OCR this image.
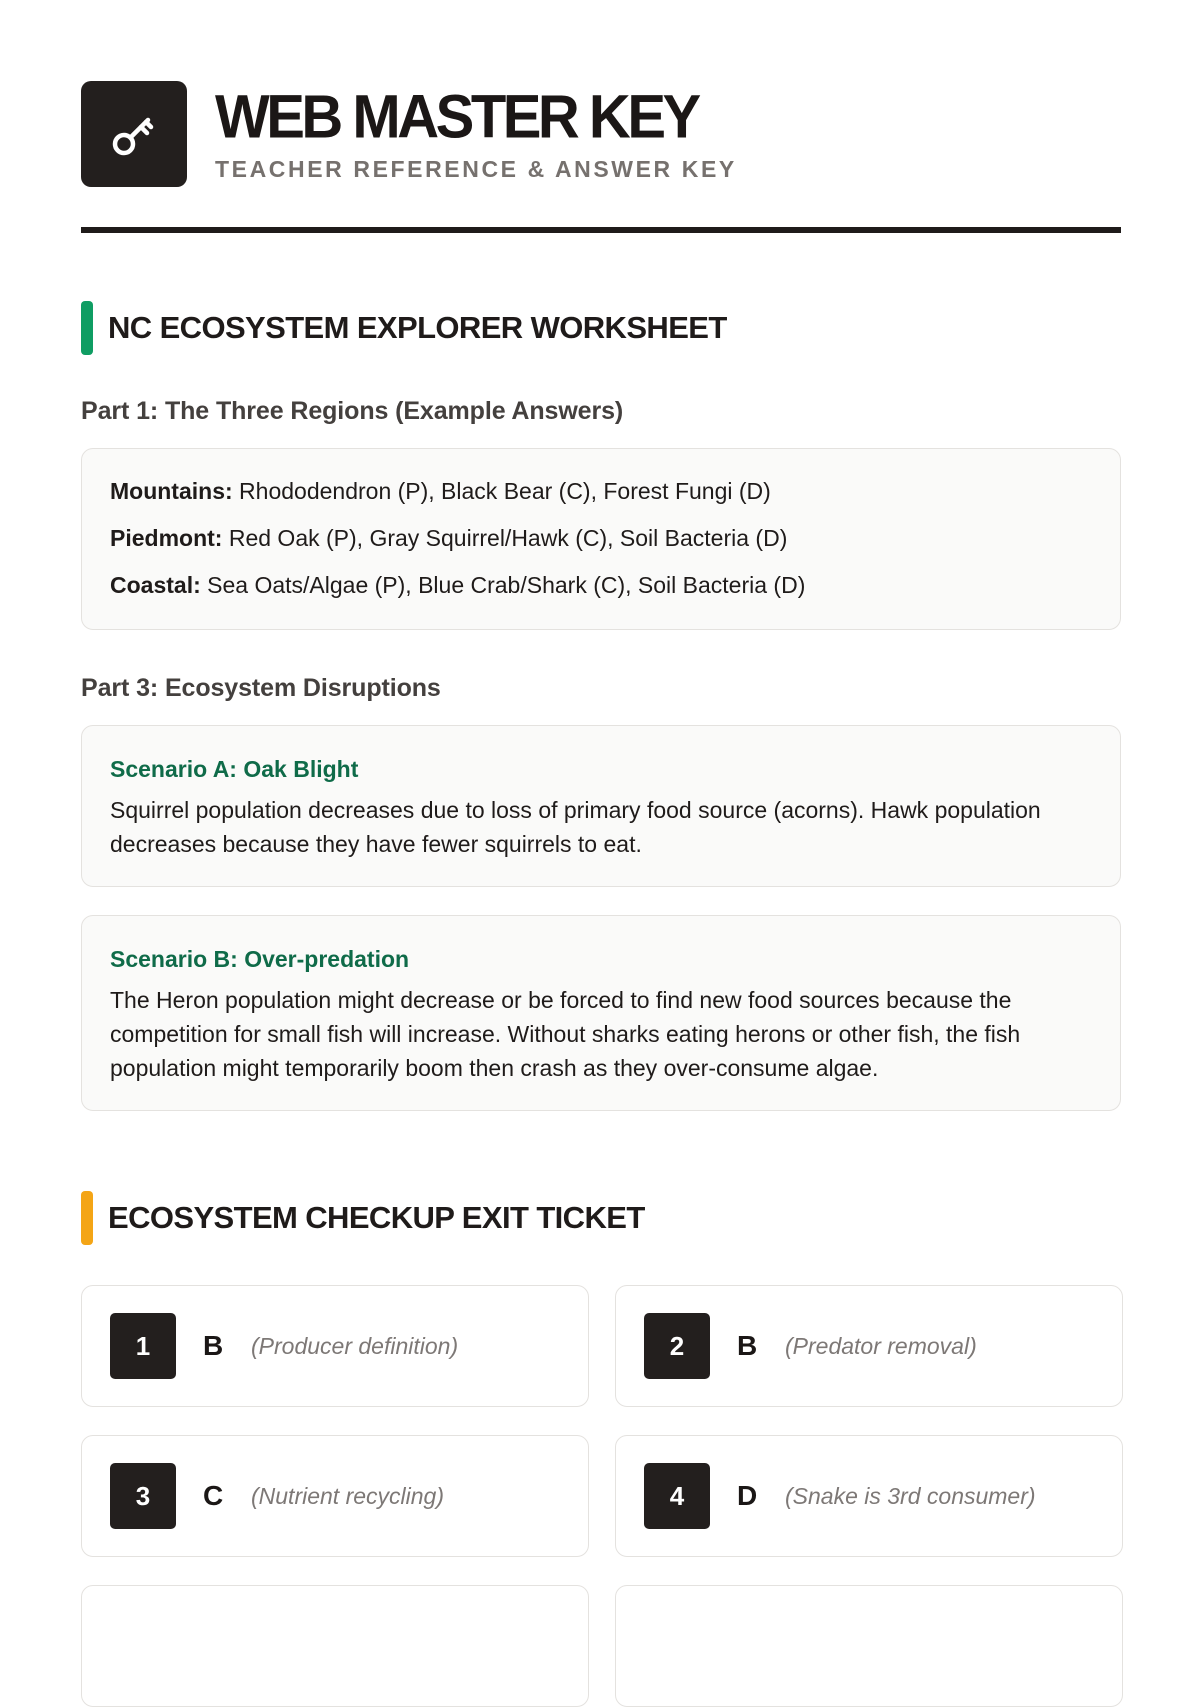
WEB MASTER KEY
TEACHER REFERENCE & ANSWER KEY
NC ECOSYSTEM EXPLORER WORKSHEET
Part 1: The Three Regions (Example Answers)
Mountains: Rhododendron (P), Black Bear (C), Forest Fungi (D)
Piedmont: Red Oak (P), Gray Squirrel/Hawk (C), Soil Bacteria (D)
Coastal: Sea Oats/Algae (P), Blue Crab/Shark (C), Soil Bacteria (D)
Part 3: Ecosystem Disruptions
Scenario A: Oak Blight
Squirrel population decreases due to loss of primary food source (acorns). Hawk population decreases because they have fewer squirrels to eat.
Scenario B: Over-predation
The Heron population might decrease or be forced to find new food sources because the competition for small fish will increase. Without sharks eating herons or other fish, the fish population might temporarily boom then crash as they over-consume algae.
ECOSYSTEM CHECKUP EXIT TICKET
1	B	(Producer definition)	2	B	(Predator removal)
3	C	(Nutrient recycling)	4	D	(Snake is 3rd consumer)
